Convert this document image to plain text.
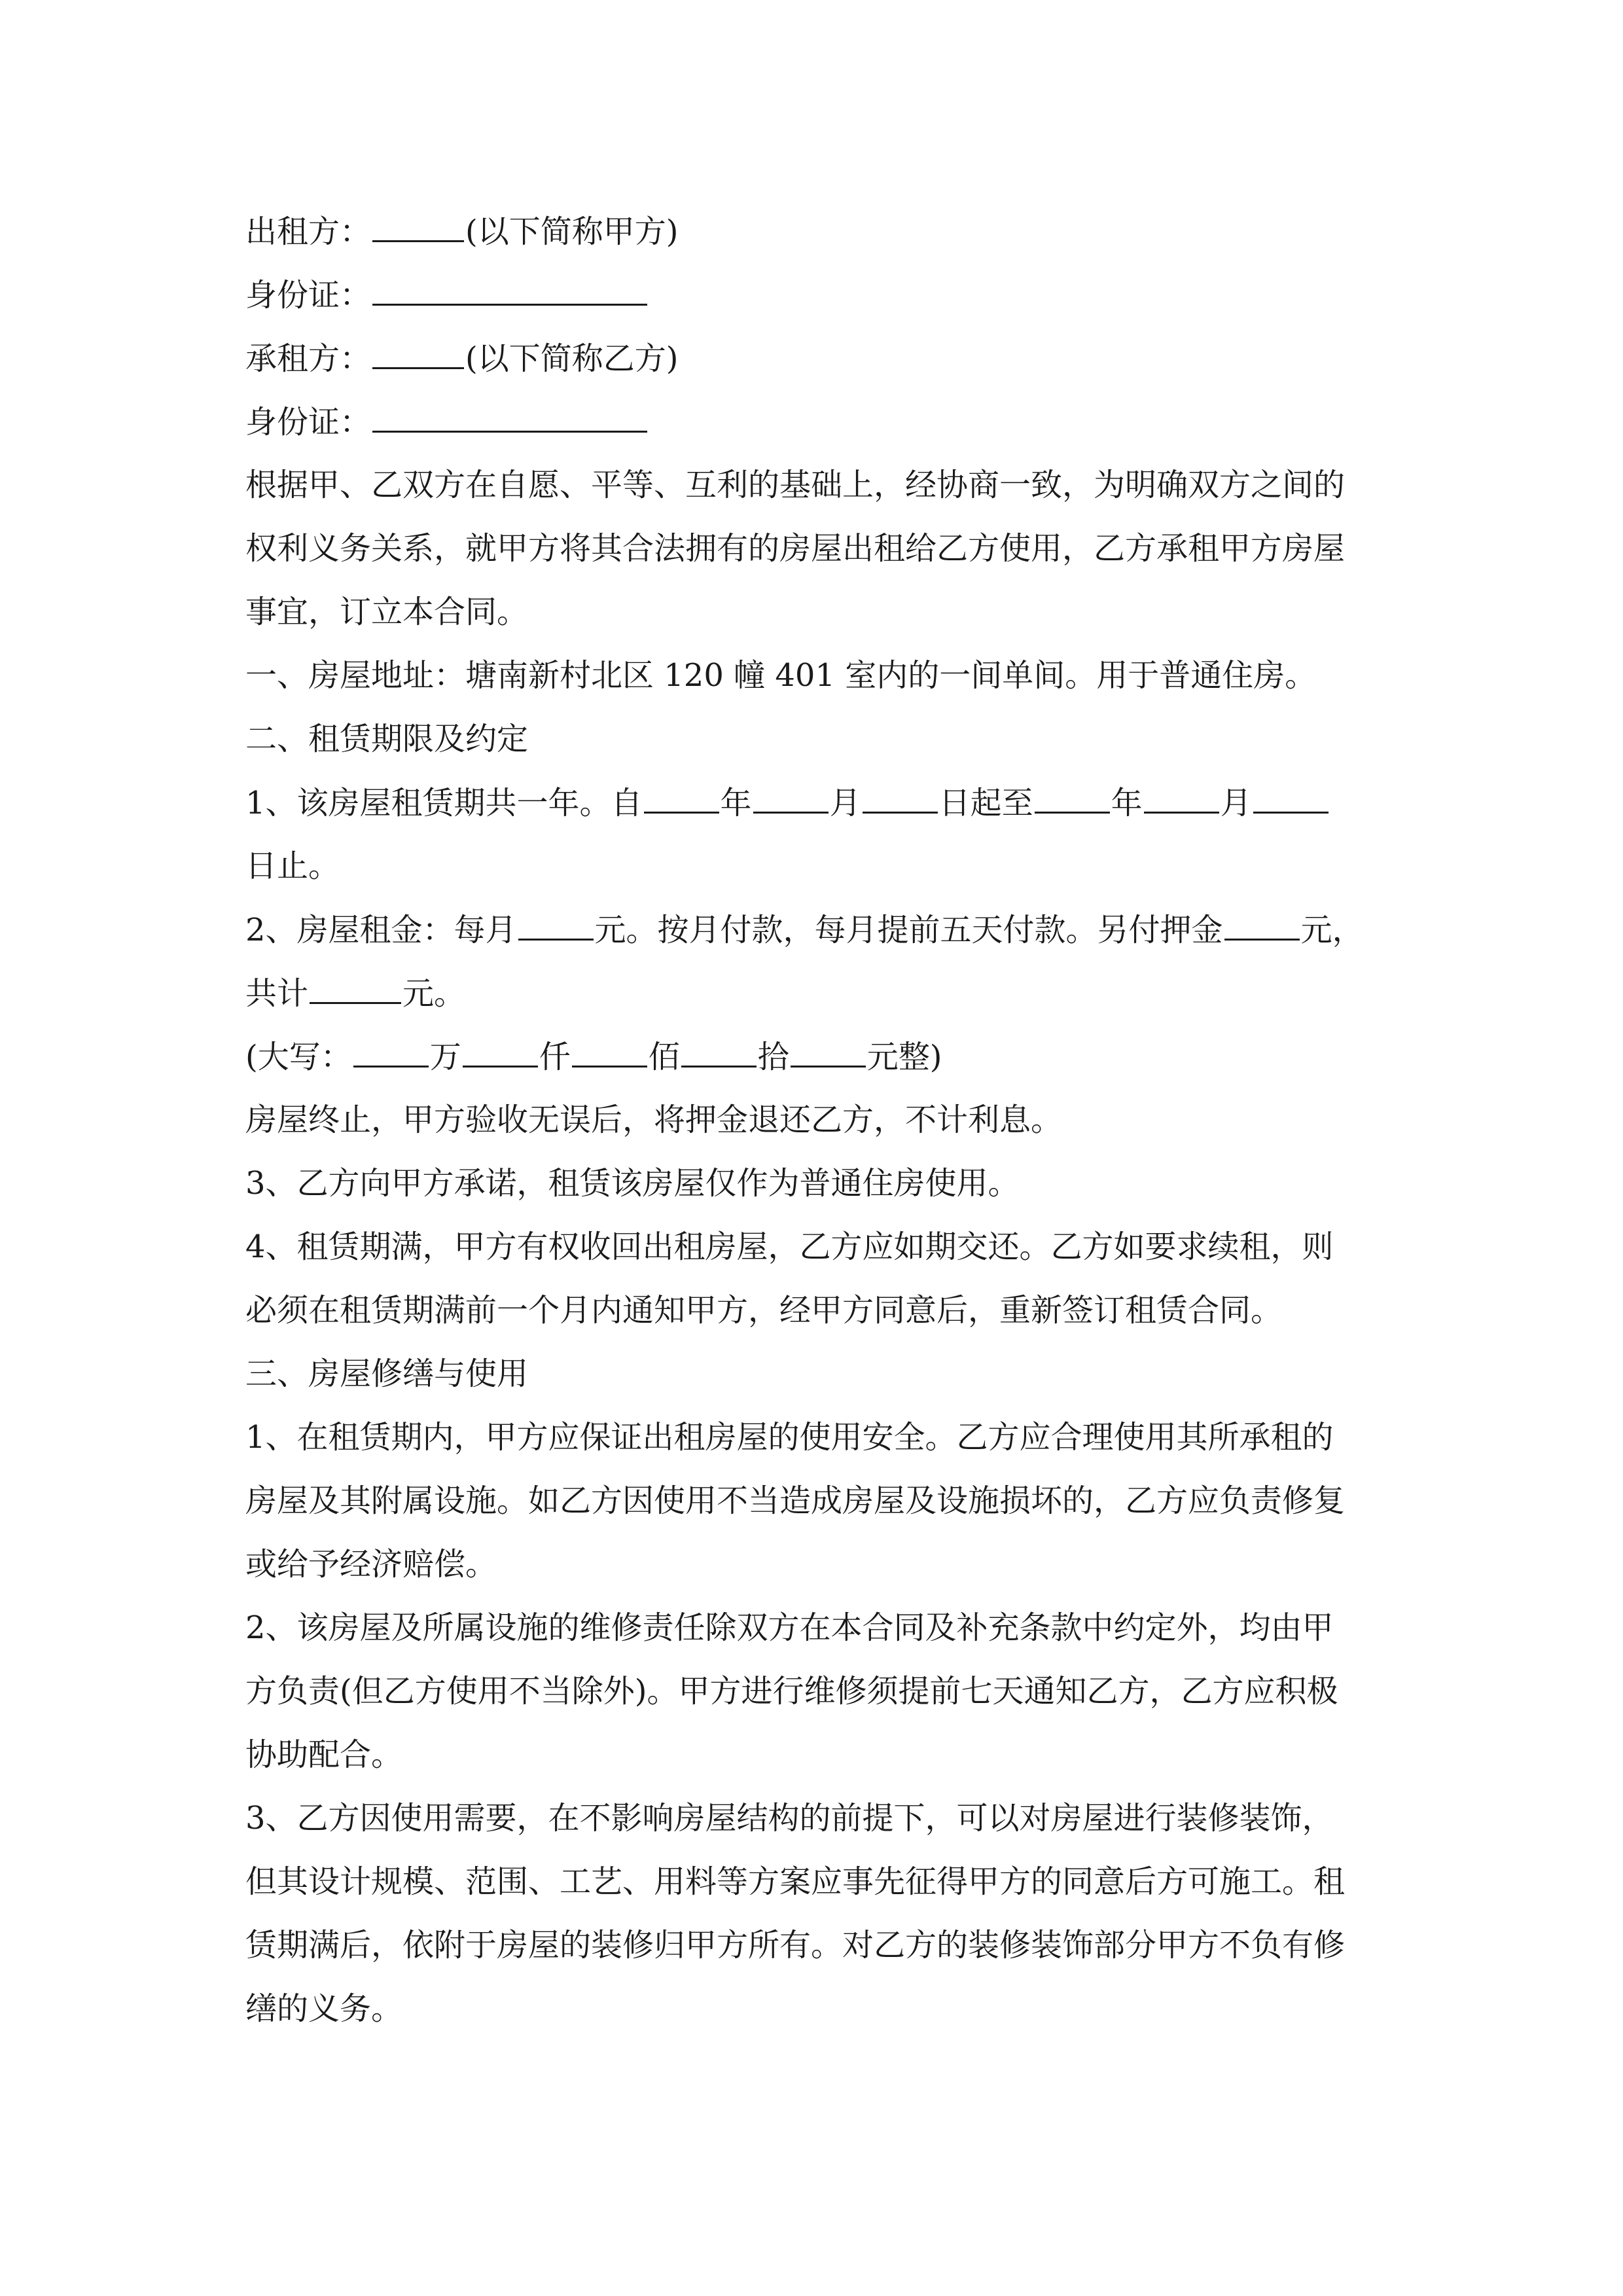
出租方：	(以下简称甲方)
身份证：
承租方：	(以下简称乙方)
身份证：
根据甲、乙双方在自愿、平等、互利的基础上，经协商一致，为明确双方之间的
权利义务关系，就甲方将其合法拥有的房屋出租给乙方使用，乙方承租甲方房屋
事宜，订立本合同。
一、房屋地址：塘南新村北区 120 幢 401 室内的一间单间。用于普通住房。
二、租赁期限及约定
1、该房屋租赁期共一年。自 年 月 日起至 年 月
日止。
2、房屋租金：每月 元。按月付款，每月提前五天付款。另付押金 元，
共计	元。
(大写： 万 仟 佰 拾 元整)
房屋终止，甲方验收无误后，将押金退还乙方，不计利息。
3、乙方向甲方承诺，租赁该房屋仅作为普通住房使用。
4、租赁期满，甲方有权收回出租房屋，乙方应如期交还。乙方如要求续租，则
必须在租赁期满前一个月内通知甲方，经甲方同意后，重新签订租赁合同。
三、房屋修缮与使用
1、在租赁期内，甲方应保证出租房屋的使用安全。乙方应合理使用其所承租的
房屋及其附属设施。如乙方因使用不当造成房屋及设施损坏的，乙方应负责修复
或给予经济赔偿。
2、该房屋及所属设施的维修责任除双方在本合同及补充条款中约定外，均由甲
方负责(但乙方使用不当除外)。甲方进行维修须提前七天通知乙方，乙方应积极
协助配合。
3、乙方因使用需要，在不影响房屋结构的前提下，可以对房屋进行装修装饰，
但其设计规模、范围、工艺、用料等方案应事先征得甲方的同意后方可施工。租
赁期满后，依附于房屋的装修归甲方所有。对乙方的装修装饰部分甲方不负有修
缮的义务。
